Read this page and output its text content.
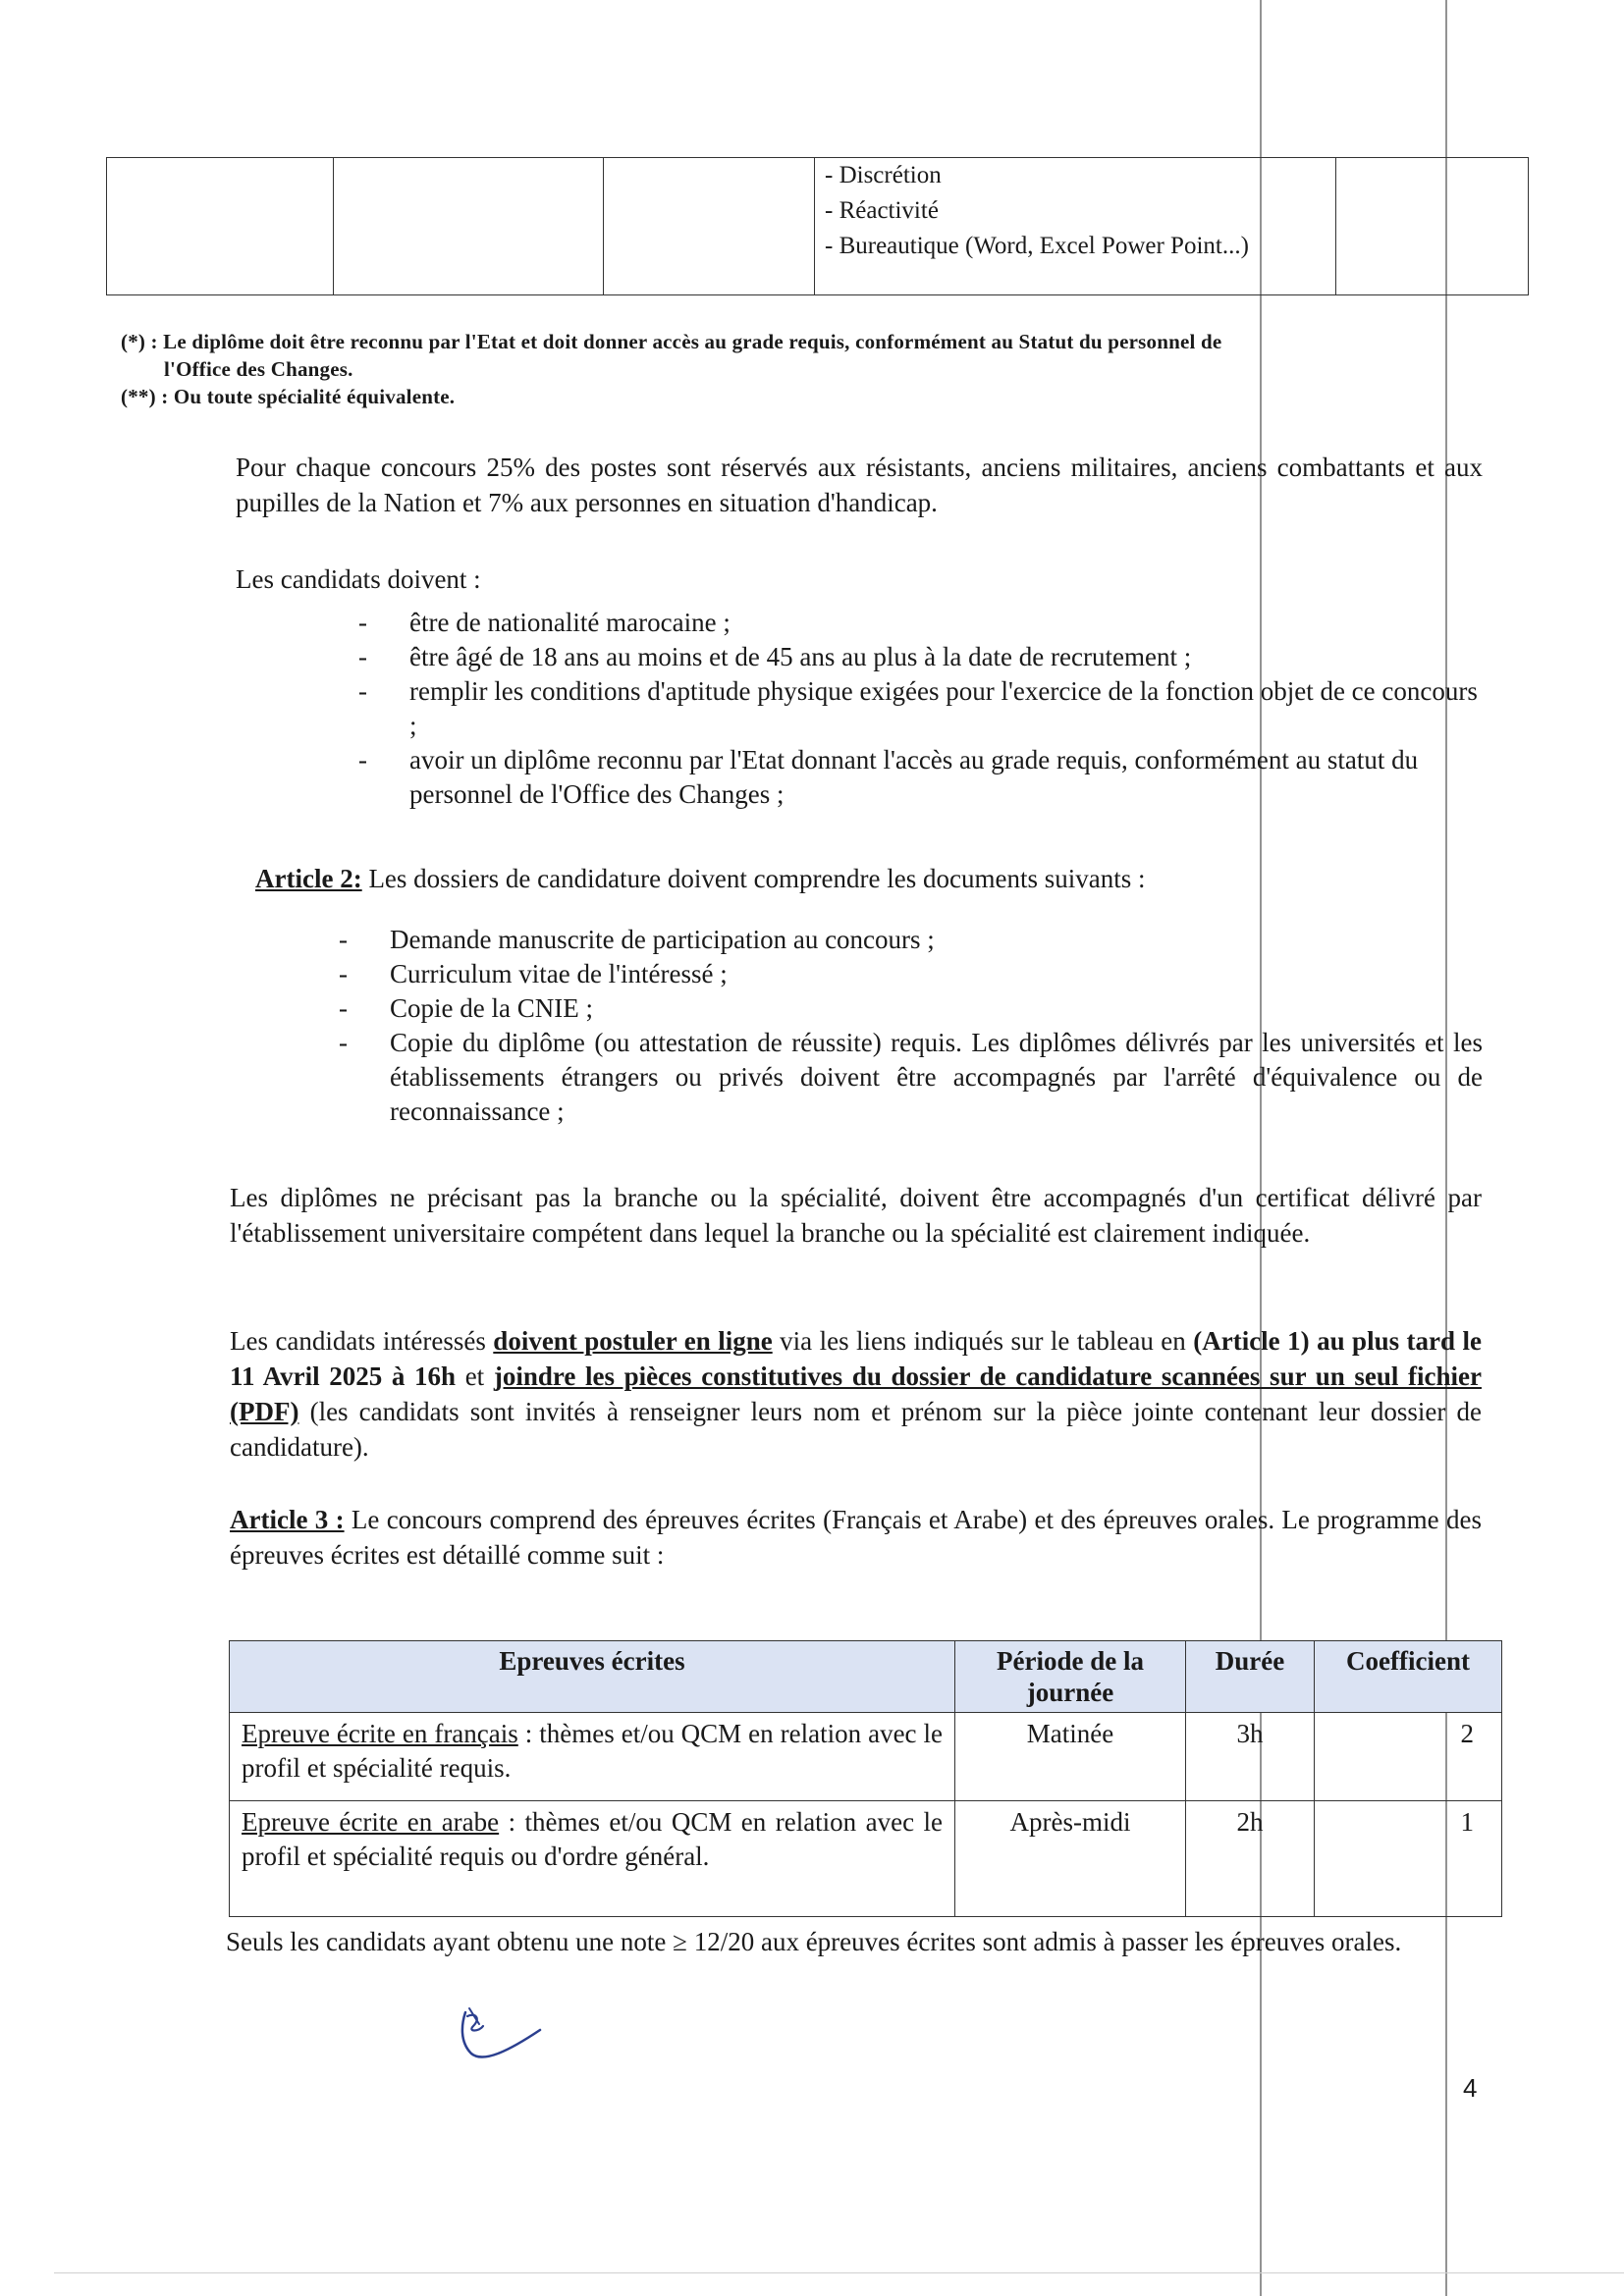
- Discrétion
- Réactivité
- Bureautique (Word, Excel Power Point...)

(*) : Le diplôme doit être reconnu par l'Etat et doit donner accès au grade requis, conformément au Statut du personnel de

l'Office des Changes.

(**) : Ou toute spécialité équivalente.

Pour chaque concours 25% des postes sont réservés aux résistants, anciens militaires, anciens combattants et aux pupilles de la Nation et 7% aux personnes en situation d'handicap.

Les candidats doivent :

- être de nationalité marocaine ;
- être âgé de 18 ans au moins et de 45 ans au plus à la date de recrutement ;
- remplir les conditions d'aptitude physique exigées pour l'exercice de la fonction objet de ce concours ;
- avoir un diplôme reconnu par l'Etat donnant l'accès au grade requis, conformément au statut du personnel de l'Office des Changes ;

Article 2: Les dossiers de candidature doivent comprendre les documents suivants :

- Demande manuscrite de participation au concours ;
- Curriculum vitae de l'intéressé ;
- Copie de la CNIE ;
- Copie du diplôme (ou attestation de réussite) requis. Les diplômes délivrés par les universités et les établissements étrangers ou privés doivent être accompagnés par l'arrêté d'équivalence ou de reconnaissance ;

Les diplômes ne précisant pas la branche ou la spécialité, doivent être accompagnés d'un certificat délivré par l'établissement universitaire compétent dans lequel la branche ou la spécialité est clairement indiquée.

Les candidats intéressés doivent postuler en ligne via les liens indiqués sur le tableau en (Article 1) au plus tard le 11 Avril 2025 à 16h et joindre les pièces constitutives du dossier de candidature scannées sur un seul fichier (PDF) (les candidats sont invités à renseigner leurs nom et prénom sur la pièce jointe contenant leur dossier de candidature).

Article 3 : Le concours comprend des épreuves écrites (Français et Arabe) et des épreuves orales. Le programme des épreuves écrites est détaillé comme suit :

Epreuves écrites	Période de la journée	Durée	Coefficient
Epreuve écrite en français : thèmes et/ou QCM en relation avec le profil et spécialité requis.	Matinée	3h	2
Epreuve écrite en arabe : thèmes et/ou QCM en relation avec le profil et spécialité requis ou d'ordre général.	Après-midi	2h	1

Seuls les candidats ayant obtenu une note ≥ 12/20 aux épreuves écrites sont admis à passer les épreuves orales.

4
